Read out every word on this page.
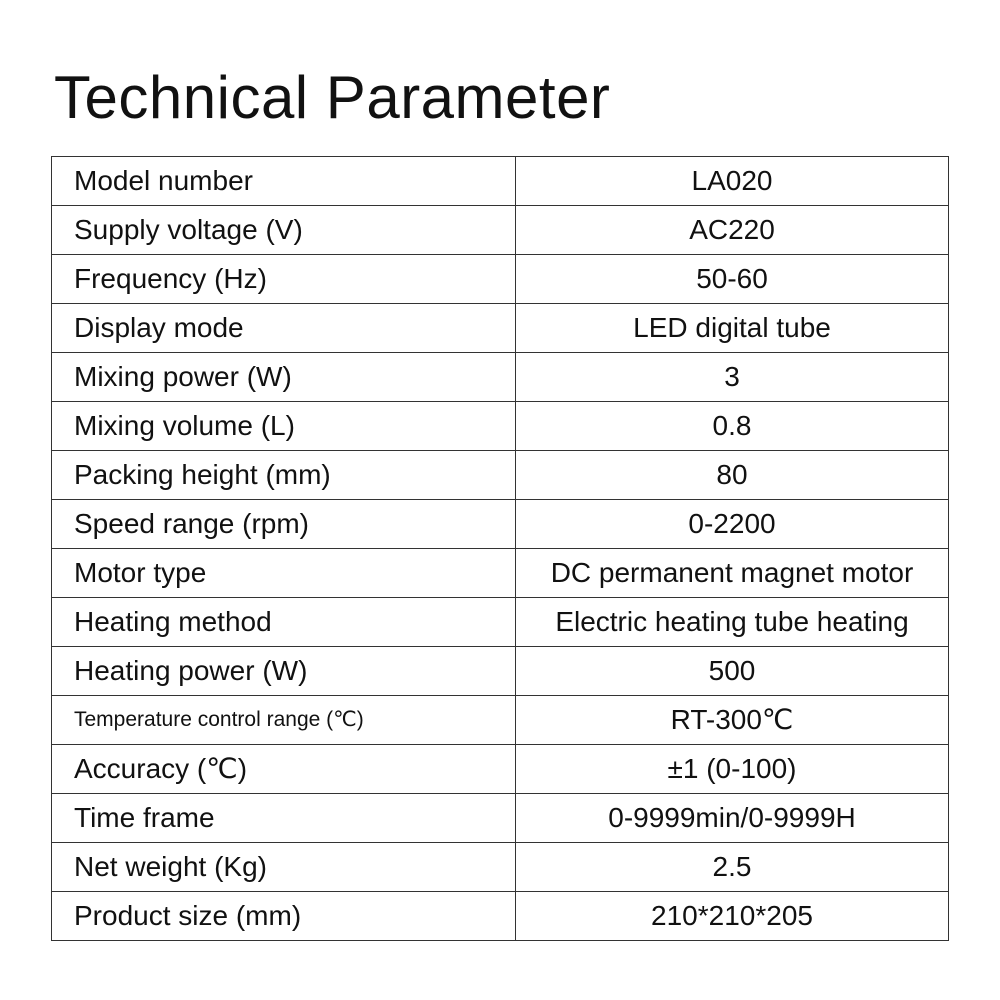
Technical Parameter
Model number	LA020
Supply voltage (V)	AC220
Frequency (Hz)	50-60
Display mode	LED digital tube
Mixing power (W)	3
Mixing volume (L)	0.8
Packing height (mm)	80
Speed range (rpm)	0-2200
Motor type	DC permanent magnet motor
Heating method	Electric heating tube heating
Heating power (W)	500
Temperature control range (℃)	RT-300℃
Accuracy (℃)	±1 (0-100)
Time frame	0-9999min/0-9999H
Net weight (Kg)	2.5
Product size (mm)	210*210*205
